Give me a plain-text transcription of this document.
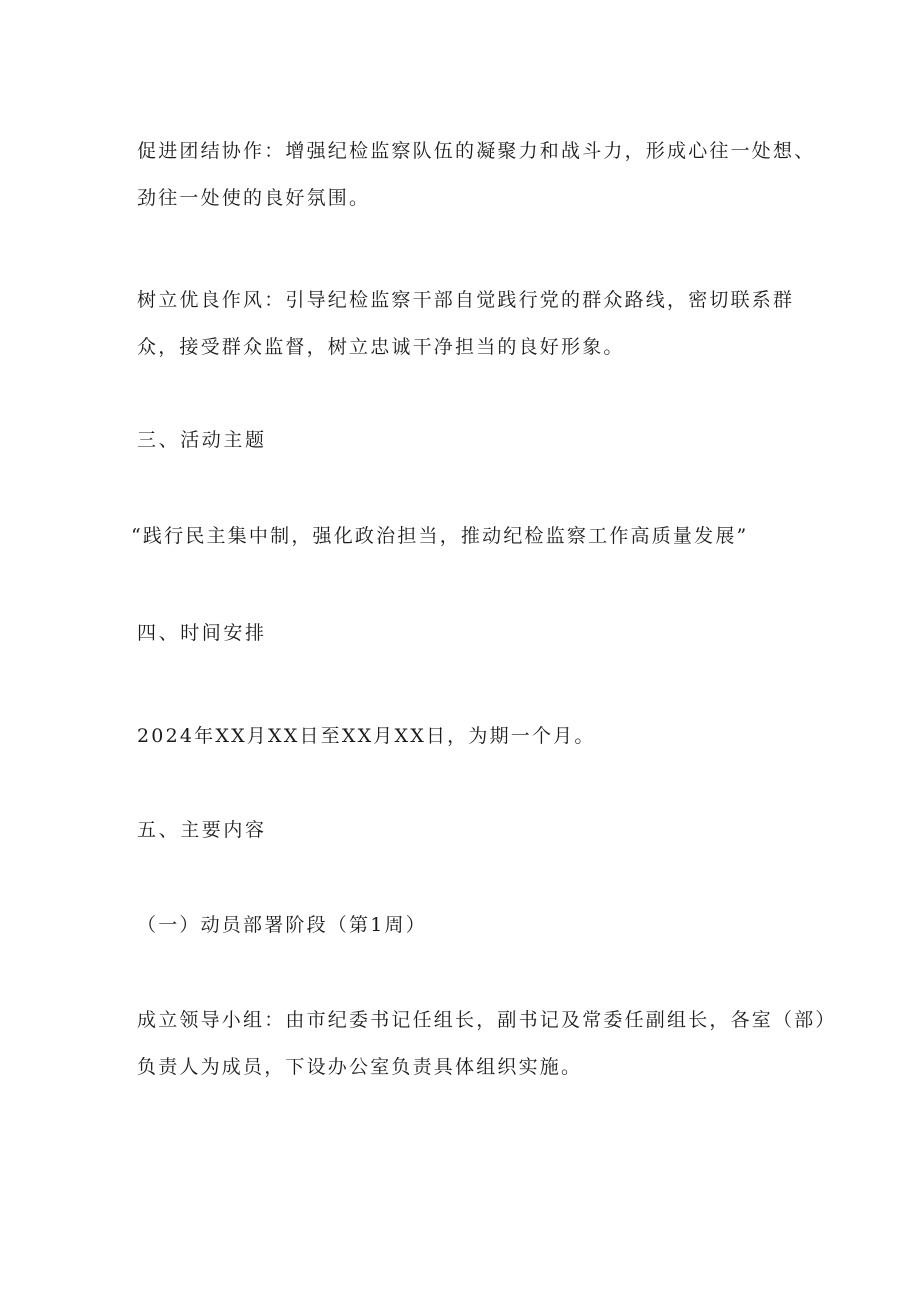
促进团结协作：增强纪检监察队伍的凝聚力和战斗力，形成心往一处想、
劲往一处使的良好氛围。
树立优良作风：引导纪检监察干部自觉践行党的群众路线，密切联系群
众，接受群众监督，树立忠诚干净担当的良好形象。
三、活动主题
“践行民主集中制，强化政治担当，推动纪检监察工作高质量发展”
四、时间安排
2024年XX月XX日至XX月XX日，为期一个月。
五、主要内容
（一）动员部署阶段（第1周）
成立领导小组：由市纪委书记任组长，副书记及常委任副组长，各室（部）
负责人为成员，下设办公室负责具体组织实施。
